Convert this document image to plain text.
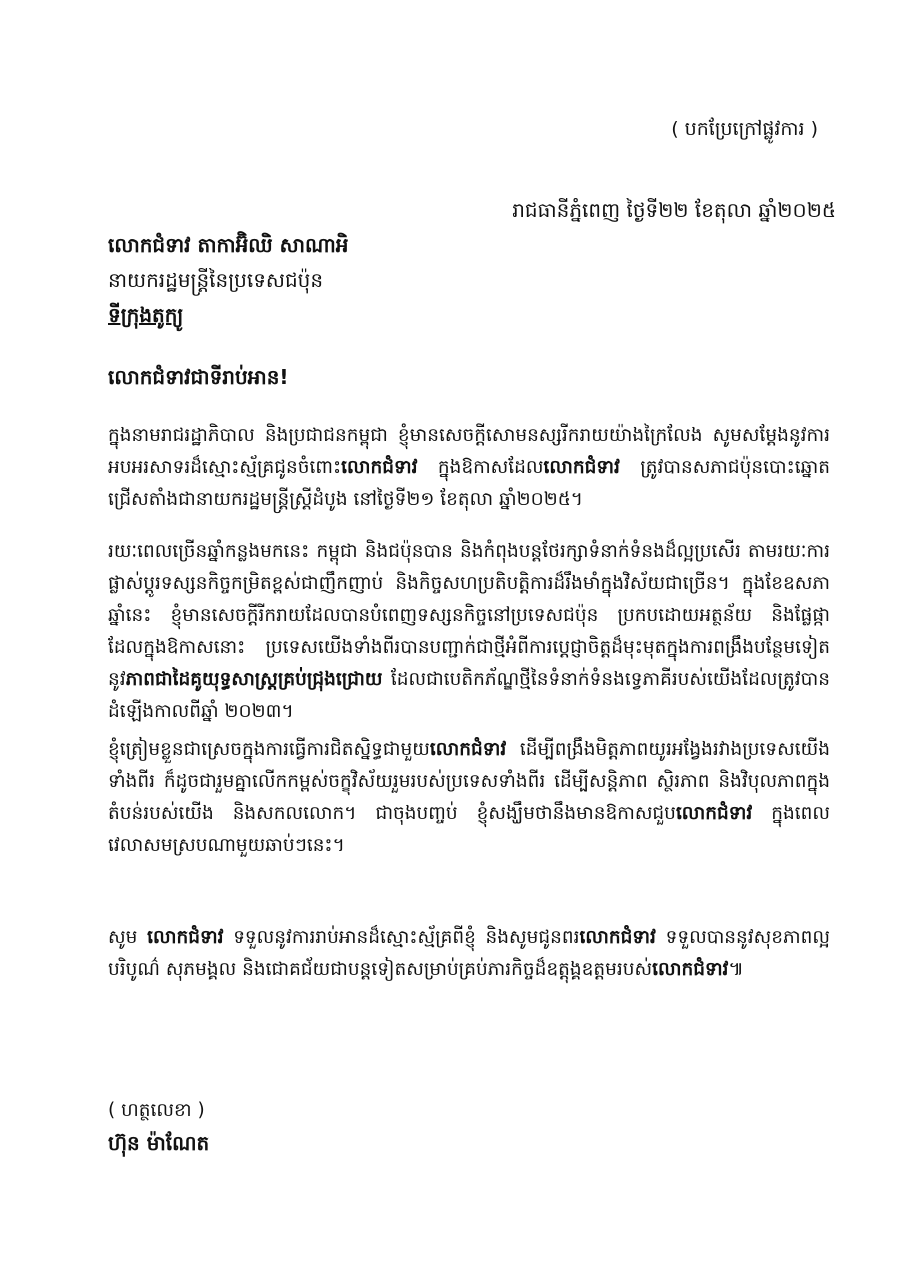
( បកប្រែក្រៅផ្លូវការ )
រាជធានីភ្នំពេញ ថ្ងៃទី២២ ខែតុលា ឆ្នាំ២០២៥
លោកជំទាវ តាកាអ៊ិឈិ សាណាអិ
នាយករដ្ឋមន្ត្រីនៃប្រទេសជប៉ុន
ទីក្រុងតូក្យូ
លោកជំទាវជាទីរាប់អាន!

ក្នុងនាមរាជរដ្ឋាភិបាល និងប្រជាជនកម្ពុជា ខ្ញុំមានសេចក្តីសោមនស្សរីករាយយ៉ាងក្រៃលែង សូមសម្តែងនូវការអបអរសាទរដ៏ស្មោះស្ម័គ្រជូនចំពោះលោកជំទាវ ក្នុងឱកាសដែលលោកជំទាវ ត្រូវបានសភាជប៉ុនបោះឆ្នោតជ្រើសតាំងជានាយករដ្ឋមន្ត្រីស្ត្រីដំបូង នៅថ្ងៃទី២១ ខែតុលា ឆ្នាំ២០២៥។

រយៈពេលច្រើនឆ្នាំកន្លងមកនេះ កម្ពុជា និងជប៉ុនបាន និងកំពុងបន្តថែរក្សាទំនាក់ទំនងដ៏ល្អប្រសើរ តាមរយៈការផ្លាស់ប្តូរទស្សនកិច្ចកម្រិតខ្ពស់ជាញឹកញាប់ និងកិច្ចសហប្រតិបត្តិការដ៏រឹងមាំក្នុងវិស័យជាច្រើន។ ក្នុងខែឧសភា ឆ្នាំនេះ ខ្ញុំមានសេចក្តីរីករាយដែលបានបំពេញទស្សនកិច្ចនៅប្រទេសជប៉ុន ប្រកបដោយអត្ថន័យ និងផ្លែផ្កា ដែលក្នុងឱកាសនោះ ប្រទេសយើងទាំងពីរបានបញ្ជាក់ជាថ្មីអំពីការប្តេជ្ញាចិត្តដ៏មុះមុតក្នុងការពង្រឹងបន្ថែមទៀតនូវភាពជាដៃគូយុទ្ធសាស្ត្រគ្រប់ជ្រុងជ្រោយ ដែលជាបេតិកភ័ណ្ឌថ្មីនៃទំនាក់ទំនងទ្វេភាគីរបស់យើងដែលត្រូវបានដំឡើងកាលពីឆ្នាំ ២០២៣។

ខ្ញុំត្រៀមខ្លួនជាស្រេចក្នុងការធ្វើការជិតស្និទ្ធជាមួយលោកជំទាវ ដើម្បីពង្រឹងមិត្តភាពយូរអង្វែងរវាងប្រទេសយើងទាំងពីរ ក៏ដូចជារួមគ្នាលើកកម្ពស់ចក្ខុវិស័យរួមរបស់ប្រទេសទាំងពីរ ដើម្បីសន្តិភាព ស្ថិរភាព និងវិបុលភាពក្នុងតំបន់របស់យើង និងសកលលោក។ ជាចុងបញ្ចប់ ខ្ញុំសង្ឃឹមថានឹងមានឱកាសជួបលោកជំទាវ ក្នុងពេលវេលាសមស្របណាមួយឆាប់ៗនេះ។

សូម លោកជំទាវ ទទួលនូវការរាប់អានដ៏ស្មោះស្ម័គ្រពីខ្ញុំ និងសូមជូនពរលោកជំទាវ ទទួលបាននូវសុខភាពល្អបរិបូណ៌ សុភមង្គល និងជោគជ័យជាបន្តទៀតសម្រាប់គ្រប់ភារកិច្ចដ៏ឧត្តុង្គឧត្តមរបស់លោកជំទាវ៕

( ហត្ថលេខា )
ហ៊ុន ម៉ាណែត
